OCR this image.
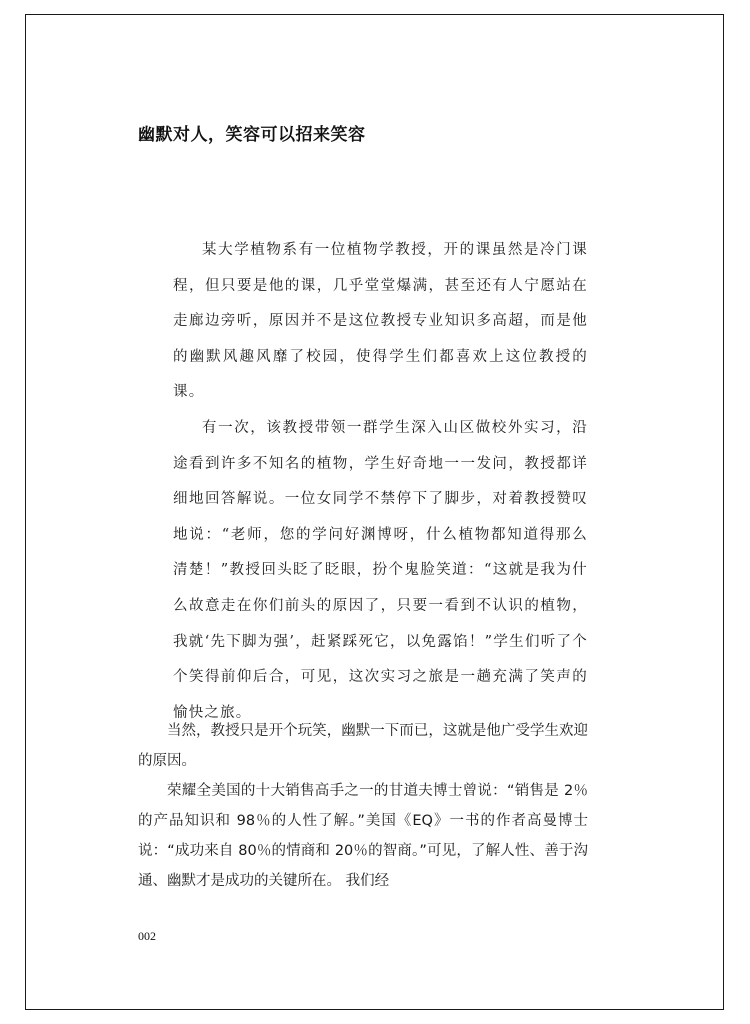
幽默对人，笑容可以招来笑容

某大学植物系有一位植物学教授，开的课虽然是冷门课程，但只要是他的课，几乎堂堂爆满，甚至还有人宁愿站在走廊边旁听，原因并不是这位教授专业知识多高超，而是他的幽默风趣风靡了校园，使得学生们都喜欢上这位教授的课。

有一次，该教授带领一群学生深入山区做校外实习，沿途看到许多不知名的植物，学生好奇地一一发问，教授都详细地回答解说。一位女同学不禁停下了脚步，对着教授赞叹地说：“老师，您的学问好渊博呀，什么植物都知道得那么清楚！”教授回头眨了眨眼，扮个鬼脸笑道：“这就是我为什么故意走在你们前头的原因了，只要一看到不认识的植物，我就‘先下脚为强’，赶紧踩死它，以免露馅！”学生们听了个个笑得前仰后合，可见，这次实习之旅是一趟充满了笑声的愉快之旅。

当然，教授只是开个玩笑，幽默一下而已，这就是他广受学生欢迎的原因。

荣耀全美国的十大销售高手之一的甘道夫博士曾说：“销售是 2％的产品知识和 98％的人性了解。”美国《EQ》一书的作者高曼博士说：“成功来自 80％的情商和 20％的智商。”可见，了解人性、善于沟通、幽默才是成功的关键所在。 我们经

002
